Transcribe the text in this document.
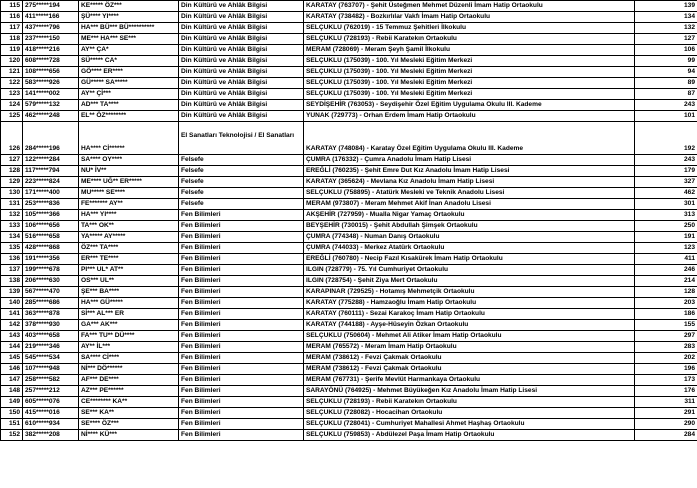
115	275*****194	KE***** ÖZ***	Din Kültürü ve Ahlâk Bilgisi	KARATAY (763707) - Şehit Üsteğmen Mehmet Düzenli İmam Hatip Ortaokulu	139
116	411*****166	ŞÜ**** YI****	Din Kültürü ve Ahlâk Bilgisi	KARATAY (738482) - Bozkırlılar Vakfı İmam Hatip Ortaokulu	134
117	437*****796	HA*** BÜ*** BÜ**********	Din Kültürü ve Ahlâk Bilgisi	SELÇUKLU (762019) - 15 Temmuz Şehitleri İlkokulu	132
118	237*****150	ME*** HA*** SE***	Din Kültürü ve Ahlâk Bilgisi	SELÇUKLU (728193) - Rebii Karatekın Ortaokulu	127
119	418*****216	AY** ÇA*	Din Kültürü ve Ahlâk Bilgisi	MERAM (728069) - Meram Şeyh Şamil İlkokulu	106
120	608*****728	SÜ***** CA*	Din Kültürü ve Ahlâk Bilgisi	SELÇUKLU (175039) - 100. Yıl Mesleki Eğitim Merkezi	99
121	108*****656	GÖ**** ER****	Din Kültürü ve Ahlâk Bilgisi	SELÇUKLU (175039) - 100. Yıl Mesleki Eğitim Merkezi	94
122	583*****926	GÜ***** SA*****	Din Kültürü ve Ahlâk Bilgisi	SELÇUKLU (175039) - 100. Yıl Mesleki Eğitim Merkezi	89
123	141*****002	AY** Çİ***	Din Kültürü ve Ahlâk Bilgisi	SELÇUKLU (175039) - 100. Yıl Mesleki Eğitim Merkezi	87
124	579*****132	AD*** TA****	Din Kültürü ve Ahlâk Bilgisi	SEYDİŞEHİR (763053) - Seydişehir Özel Eğitim Uygulama Okulu III. Kademe	243
125	462*****248	EL** ÖZ********	Din Kültürü ve Ahlâk Bilgisi	YUNAK (729773) - Orhan Erdem İmam Hatip Ortaokulu	101
126	284*****196	HA**** Cİ******	El Sanatları Teknolojisi / El Sanatları	KARATAY (748084) - Karatay Özel Eğitim Uygulama Okulu III. Kademe	192
127	122*****284	SA**** OY****	Felsefe	ÇUMRA (176332) - Çumra Anadolu İmam Hatip Lisesi	243
128	117*****794	NU* İV**	Felsefe	EREĞLİ (760235) - Şehit Emre Dut Kız Anadolu İmam Hatip Lisesi	179
129	223*****824	ME**** UĞ** ER*****	Felsefe	KARATAY (365624) - Mevlana Kız Anadolu İmam Hatip Lisesi	327
130	171*****400	MU***** SE****	Felsefe	SELÇUKLU (758895) - Atatürk Mesleki ve Teknik Anadolu Lisesi	462
131	253*****836	FE******* AY**	Felsefe	MERAM (973807) - Meram Mehmet Akif İnan Anadolu Lisesi	301
132	105*****366	HA*** YI****	Fen Bilimleri	AKŞEHİR (727959) - Mualla Nigar Yamaç Ortaokulu	313
133	106*****656	TA*** OK**	Fen Bilimleri	BEYŞEHİR (730015) - Şehit Abdullah Şimşek Ortaokulu	250
134	516*****658	YA***** AY*****	Fen Bilimleri	ÇUMRA (774348) - Numan Danış Ortaokulu	191
135	428*****868	ÖZ*** TA****	Fen Bilimleri	ÇUMRA (744033) - Merkez Atatürk Ortaokulu	123
136	191*****356	ER*** TE****	Fen Bilimleri	EREĞLİ (760780) - Necip Fazıl Kısakürek İmam Hatip Ortaokulu	411
137	199*****678	PI*** UL* AT**	Fen Bilimleri	ILGIN (728779) - 75. Yıl Cumhuriyet Ortaokulu	246
138	206*****630	OS*** UL**	Fen Bilimleri	ILGIN (728754) - Şehit Ziya Mert Ortaokulu	214
139	567*****470	ŞE*** BA****	Fen Bilimleri	KARAPINAR (729525) - Hotamış Mehmetçik Ortaokulu	128
140	285*****686	HA*** GÜ*****	Fen Bilimleri	KARATAY (775288) - Hamzaoğlu İmam Hatip Ortaokulu	203
141	363*****878	Sİ*** AL*** ER	Fen Bilimleri	KARATAY (760111) - Sezai Karakoç İmam Hatip Ortaokulu	186
142	378*****930	GA*** AK***	Fen Bilimleri	KARATAY (744188) - Ayşe-Hüseyin Özkan Ortaokulu	155
143	403*****658	FA*** TU** DÜ****	Fen Bilimleri	SELÇUKLU (750604) - Mehmet Ali Atiker İmam Hatip Ortaokulu	297
144	219*****346	AY** İL***	Fen Bilimleri	MERAM (765572) - Meram İmam Hatip Ortaokulu	283
145	545*****534	SA**** Cİ****	Fen Bilimleri	MERAM (738612) - Fevzi Çakmak Ortaokulu	202
146	107*****948	Nİ*** DÖ******	Fen Bilimleri	MERAM (738612) - Fevzi Çakmak Ortaokulu	196
147	258*****582	AF*** DE****	Fen Bilimleri	MERAM (767731) - Şerife Mevlüt Harmankaya Ortaokulu	173
148	257*****212	AZ*** PE******	Fen Bilimleri	SARAYÖNÜ (764925) - Mehmet Büyükeğen Kız Anadolu İmam Hatip Lisesi	176
149	605*****076	CE******** KA**	Fen Bilimleri	SELÇUKLU (728193) - Rebii Karatekın Ortaokulu	311
150	415*****016	SE*** KA**	Fen Bilimleri	SELÇUKLU (728082) - Hocacihan Ortaokulu	291
151	610*****934	SE**** ÖZ***	Fen Bilimleri	SELÇUKLU (728041) - Cumhuriyet Mahallesi Ahmet Haşhaş Ortaokulu	290
152	382*****208	Nİ**** KÜ***	Fen Bilimleri	SELÇUKLU (759853) - Abdülezel Paşa İmam Hatip Ortaokulu	284
